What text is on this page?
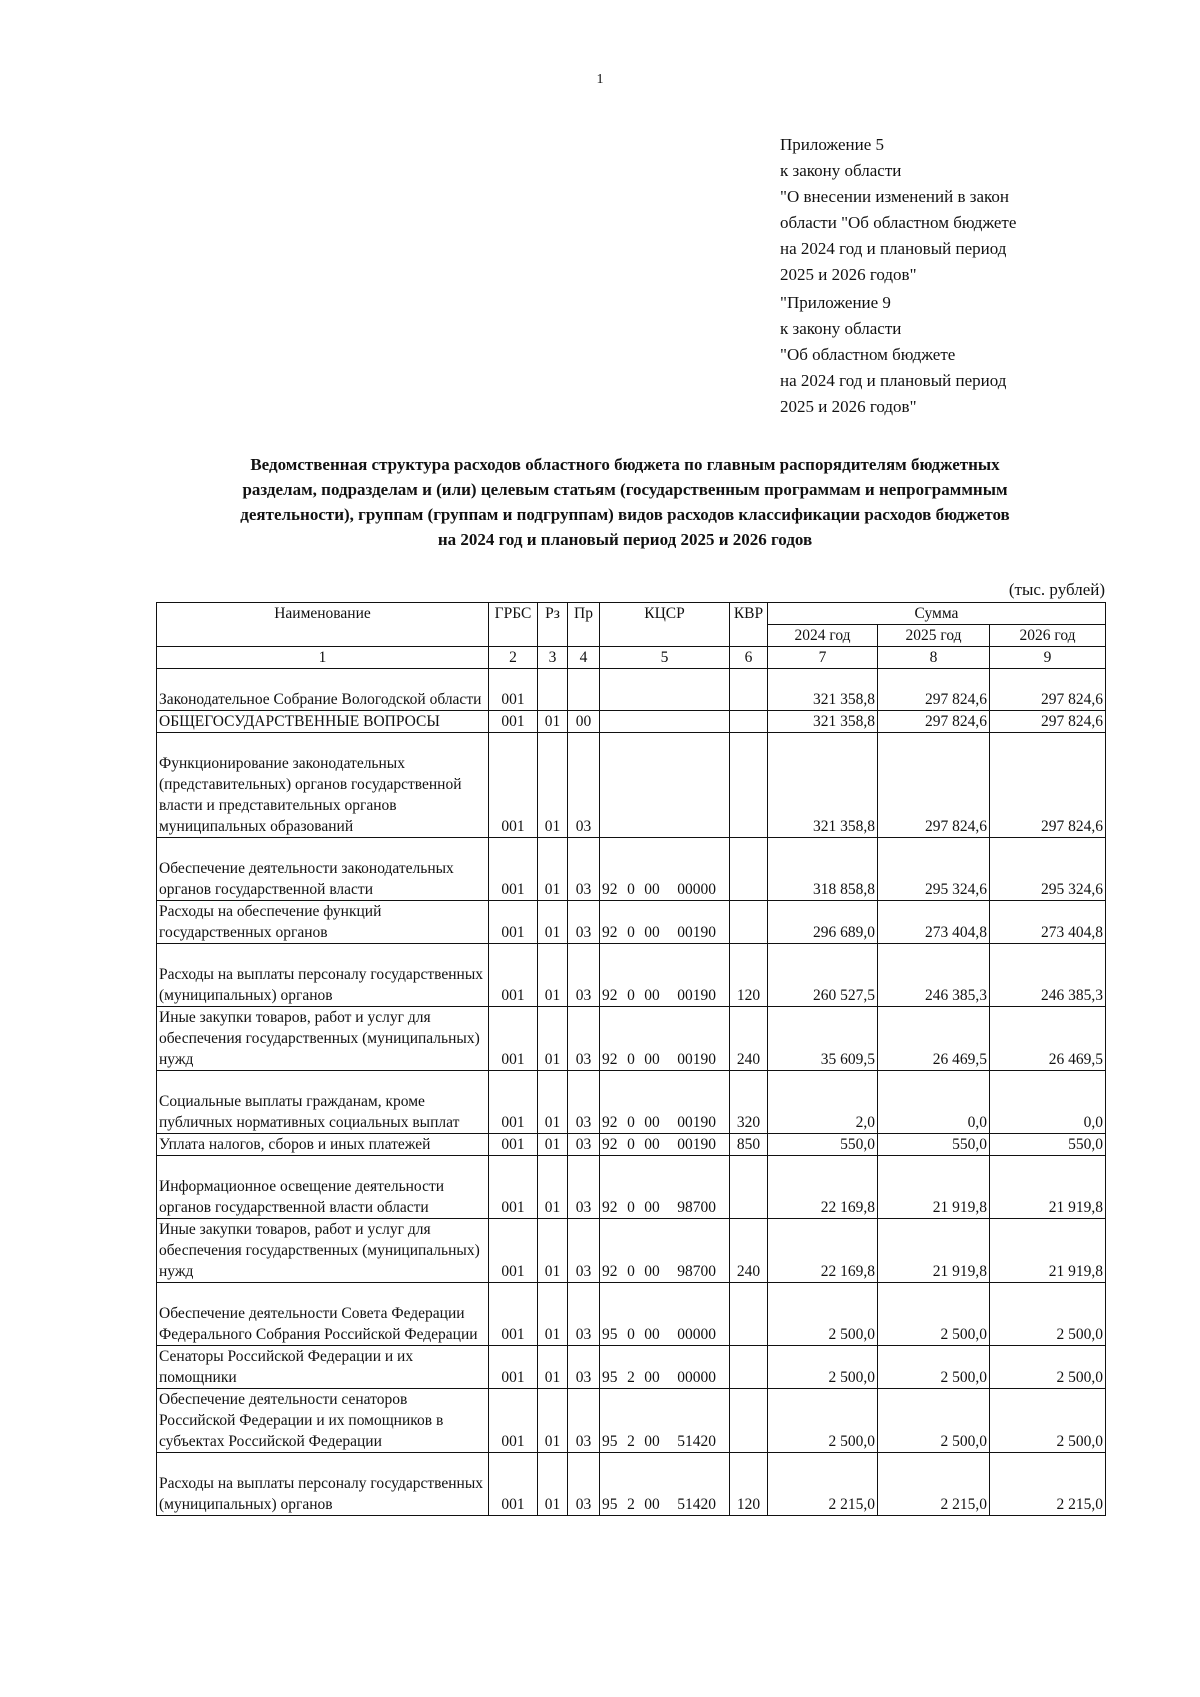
1

Приложение 5

к закону области

"О внесении изменений в закон

области "Об областном бюджете

на 2024 год и плановый период

2025 и 2026 годов"

"Приложение 9

к закону области

"Об областном бюджете

на 2024 год и плановый период

2025 и 2026 годов"

Ведомственная структура расходов областного бюджета по главным распорядителям бюджетных

разделам, подразделам и (или) целевым статьям (государственным программам и непрограммным

деятельности), группам (группам и подгруппам) видов расходов классификации расходов бюджетов

на 2024 год и плановый период 2025 и 2026 годов

(тыс. рублей)
Наименование	ГРБС	Рз	Пр	КЦСР	КВР	Сумма		
						2024 год	2025 год	2026 год
1	2	3	4	5	6	7	8	9
Законодательное Собрание Вологодской области	001					321 358,8	297 824,6	297 824,6
ОБЩЕГОСУДАРСТВЕННЫЕ ВОПРОСЫ	001	01	00			321 358,8	297 824,6	297 824,6
Функционирование законодательных (представительных) органов государственной власти и представительных органов муниципальных образований	001	01	03			321 358,8	297 824,6	297 824,6
Обеспечение деятельности законодательных органов государственной власти	001	01	03	92 0 00 00000		318 858,8	295 324,6	295 324,6
Расходы на обеспечение функций государственных органов	001	01	03	92 0 00 00190		296 689,0	273 404,8	273 404,8
Расходы на выплаты персоналу государственных (муниципальных) органов	001	01	03	92 0 00 00190	120	260 527,5	246 385,3	246 385,3
Иные закупки товаров, работ и услуг для обеспечения государственных (муниципальных) нужд	001	01	03	92 0 00 00190	240	35 609,5	26 469,5	26 469,5
Социальные выплаты гражданам, кроме публичных нормативных социальных выплат	001	01	03	92 0 00 00190	320	2,0	0,0	0,0
Уплата налогов, сборов и иных платежей	001	01	03	92 0 00 00190	850	550,0	550,0	550,0
Информационное освещение деятельности органов государственной власти области	001	01	03	92 0 00 98700		22 169,8	21 919,8	21 919,8
Иные закупки товаров, работ и услуг для обеспечения государственных (муниципальных) нужд	001	01	03	92 0 00 98700	240	22 169,8	21 919,8	21 919,8
Обеспечение деятельности Совета Федерации Федерального Собрания Российской Федерации	001	01	03	95 0 00 00000		2 500,0	2 500,0	2 500,0
Сенаторы Российской Федерации и их помощники	001	01	03	95 2 00 00000		2 500,0	2 500,0	2 500,0
Обеспечение деятельности сенаторов Российской Федерации и их помощников в субъектах Российской Федерации	001	01	03	95 2 00 51420		2 500,0	2 500,0	2 500,0
Расходы на выплаты персоналу государственных (муниципальных) органов	001	01	03	95 2 00 51420	120	2 215,0	2 215,0	2 215,0
